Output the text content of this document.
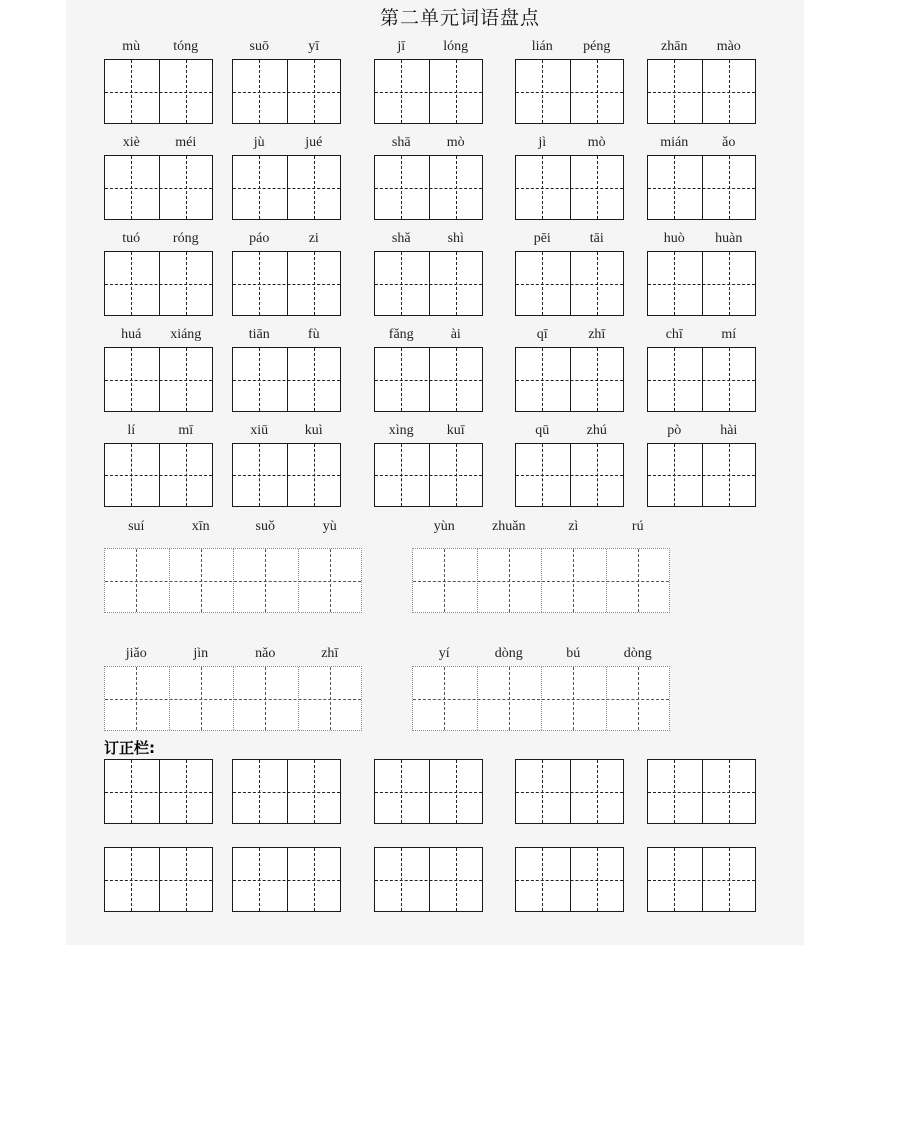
第二单元词语盘点
mù	tóng	suō	yī	jī	lóng	lián	péng	zhān	mào
xiè	méi	jù	jué	shā	mò	jì	mò	mián	ǎo
tuó	róng	páo	zi	shǎ	shì	pēi	tāi	huò	huàn
huá	xiáng	tiān	fù	fǎng	ài	qī	zhī	chī	mí
lí	mī	xiū	kuì	xìng	kuī	qū	zhú	pò	hài
suí	xīn	suǒ	yù	yùn	zhuǎn	zì	rú
jiǎo	jìn	nǎo	zhī	yí	dòng	bú	dòng
订正栏:
